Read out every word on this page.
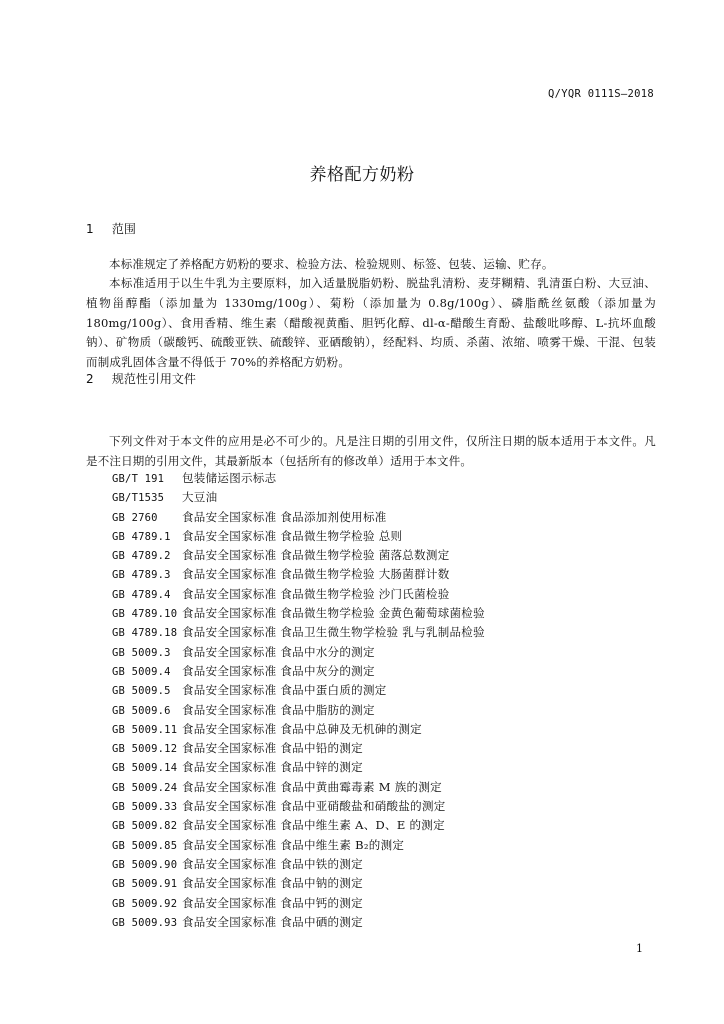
Q/YQR 0111S—2018
养格配方奶粉
1 范围

本标准规定了养格配方奶粉的要求、检验方法、检验规则、标签、包装、运输、贮存。

本标准适用于以生牛乳为主要原料，加入适量脱脂奶粉、脱盐乳清粉、麦芽糊精、乳清蛋白粉、大豆油、植物甾醇酯（添加量为 1330mg/100g）、菊粉（添加量为 0.8g/100g）、磷脂酰丝氨酸（添加量为 180mg/100g）、食用香精、维生素（醋酸视黄酯、胆钙化醇、dl-α-醋酸生育酚、盐酸吡哆醇、L-抗坏血酸钠）、矿物质（碳酸钙、硫酸亚铁、硫酸锌、亚硒酸钠），经配料、均质、杀菌、浓缩、喷雾干燥、干混、包装而制成乳固体含量不得低于 70%的养格配方奶粉。

2 规范性引用文件

下列文件对于本文件的应用是必不可少的。凡是注日期的引用文件，仅所注日期的版本适用于本文件。凡是不注日期的引用文件，其最新版本（包括所有的修改单）适用于本文件。

GB/T 191 包装储运图示标志
GB/T1535 大豆油
GB 2760 食品安全国家标准 食品添加剂使用标准
GB 4789.1 食品安全国家标准 食品微生物学检验 总则
GB 4789.2 食品安全国家标准 食品微生物学检验 菌落总数测定
GB 4789.3 食品安全国家标准 食品微生物学检验 大肠菌群计数
GB 4789.4 食品安全国家标准 食品微生物学检验 沙门氏菌检验
GB 4789.10 食品安全国家标准 食品微生物学检验 金黄色葡萄球菌检验
GB 4789.18 食品安全国家标准 食品卫生微生物学检验 乳与乳制品检验
GB 5009.3 食品安全国家标准 食品中水分的测定
GB 5009.4 食品安全国家标准 食品中灰分的测定
GB 5009.5 食品安全国家标准 食品中蛋白质的测定
GB 5009.6 食品安全国家标准 食品中脂肪的测定
GB 5009.11 食品安全国家标准 食品中总砷及无机砷的测定
GB 5009.12 食品安全国家标准 食品中铅的测定
GB 5009.14 食品安全国家标准 食品中锌的测定
GB 5009.24 食品安全国家标准 食品中黄曲霉毒素 M 族的测定
GB 5009.33 食品安全国家标准 食品中亚硝酸盐和硝酸盐的测定
GB 5009.82 食品安全国家标准 食品中维生素 A、D、E 的测定
GB 5009.85 食品安全国家标准 食品中维生素 B₂的测定
GB 5009.90 食品安全国家标准 食品中铁的测定
GB 5009.91 食品安全国家标准 食品中钠的测定
GB 5009.92 食品安全国家标准 食品中钙的测定
GB 5009.93 食品安全国家标准 食品中硒的测定
1
